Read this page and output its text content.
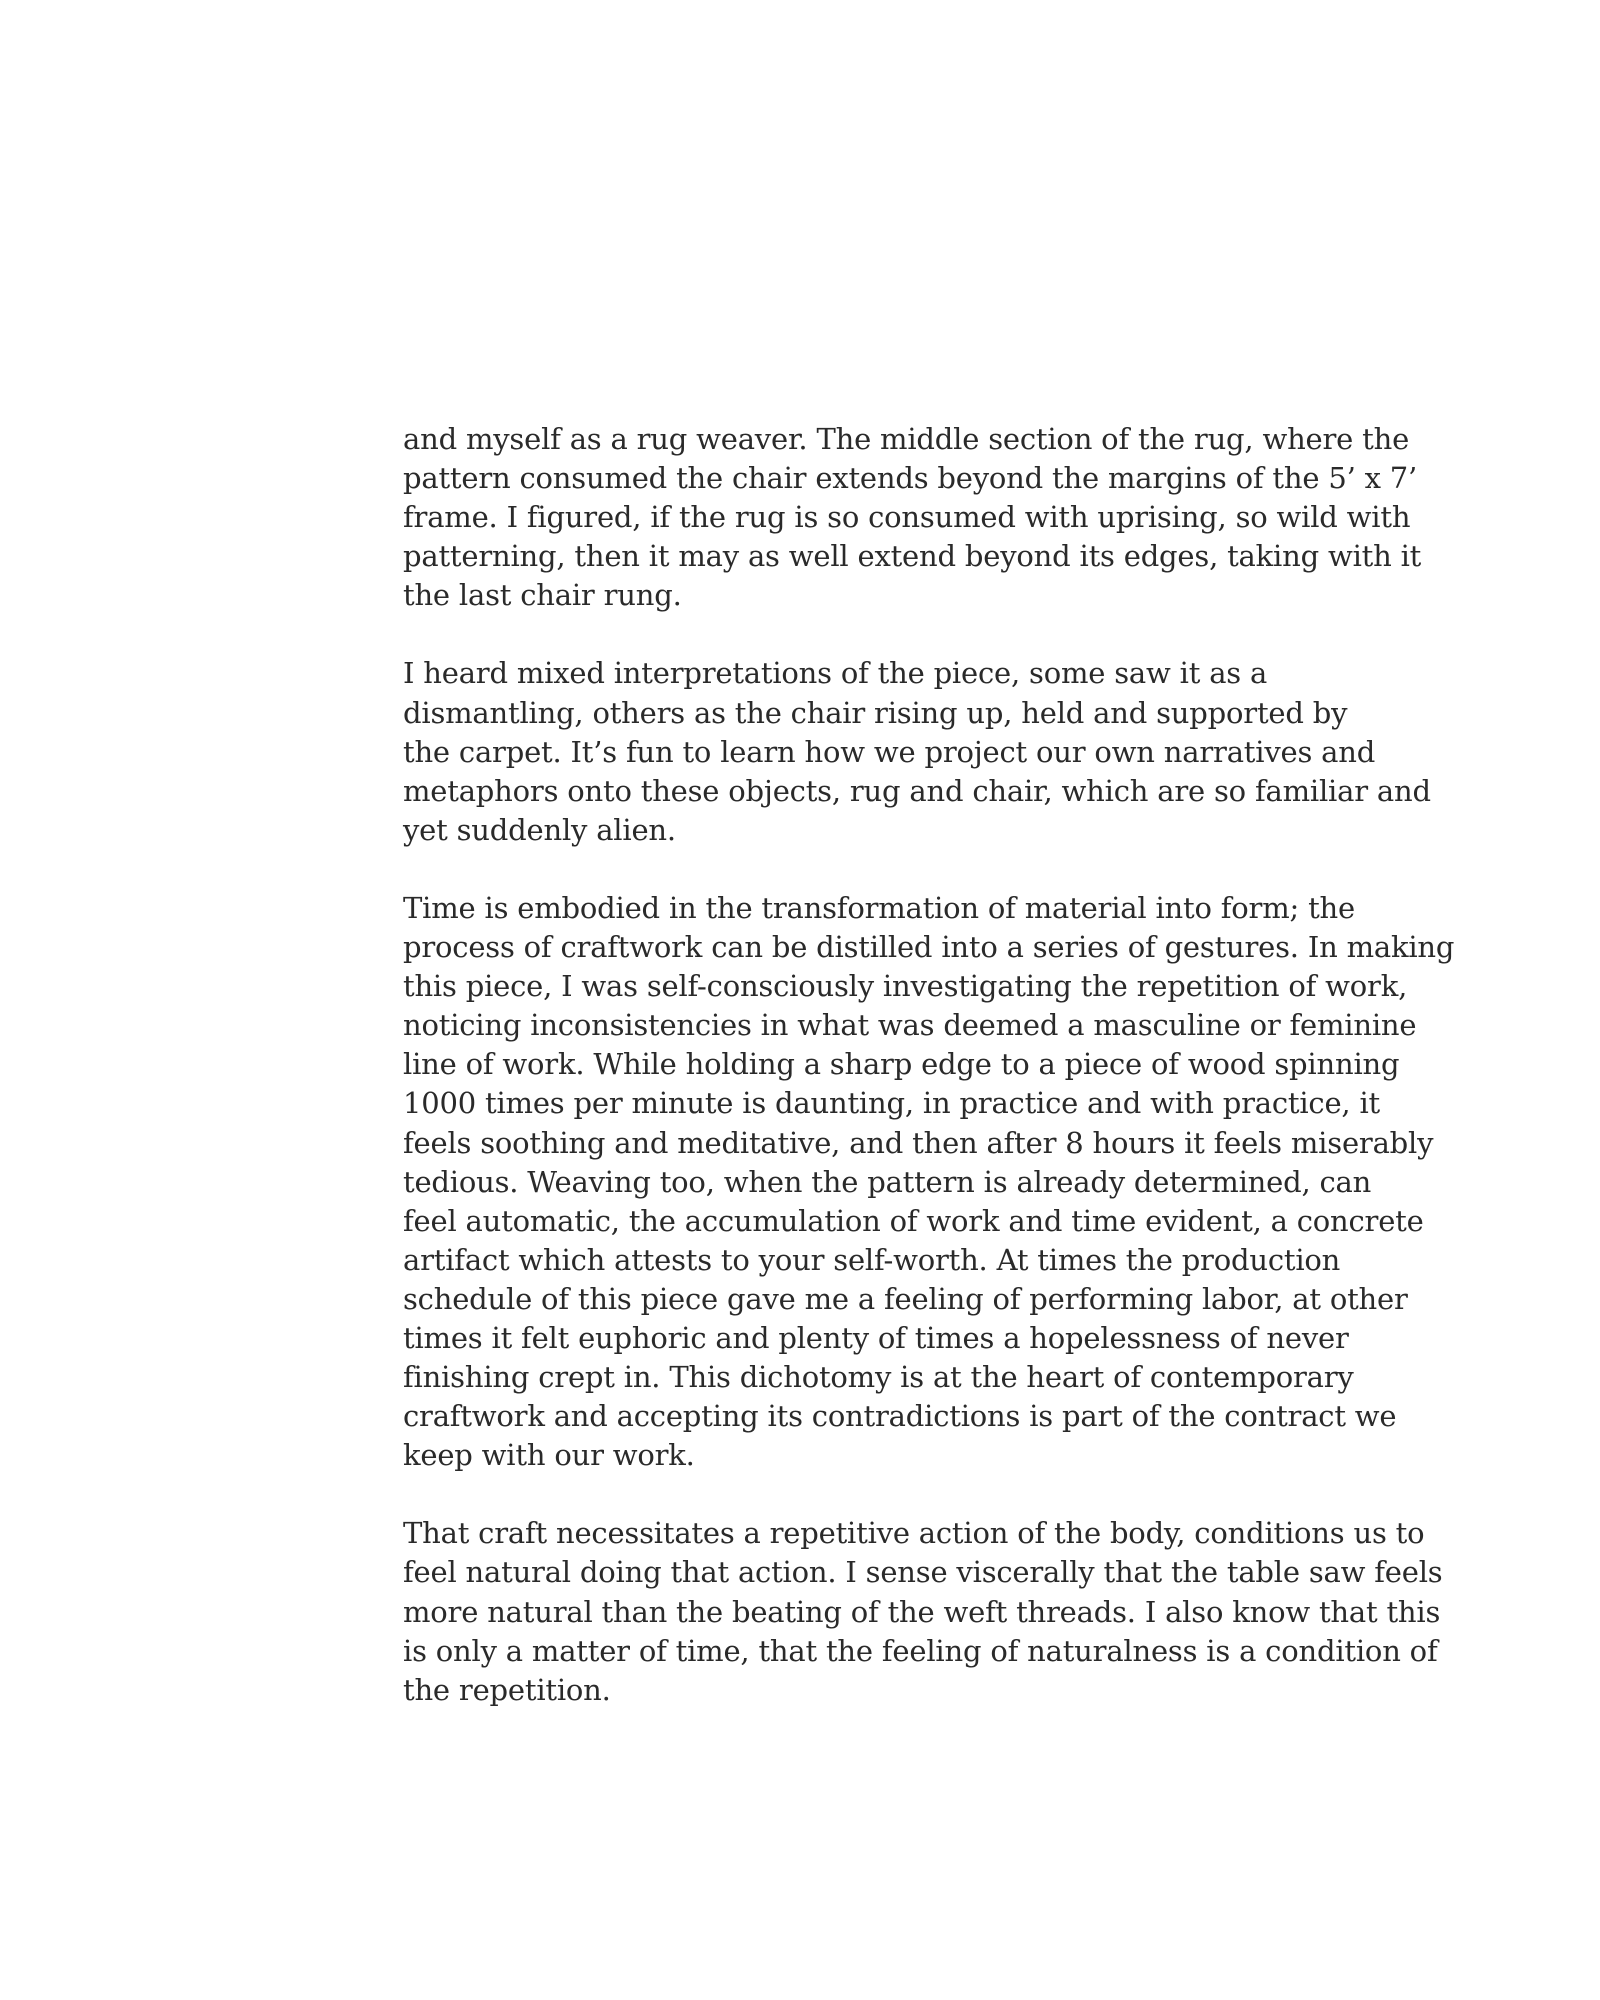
and myself as a rug weaver. The middle section of the rug, where the
pattern consumed the chair extends beyond the margins of the 5’ x 7’
frame. I figured, if the rug is so consumed with uprising, so wild with
patterning, then it may as well extend beyond its edges, taking with it
the last chair rung.

I heard mixed interpretations of the piece, some saw it as a
dismantling, others as the chair rising up, held and supported by
the carpet. It’s fun to learn how we project our own narratives and
metaphors onto these objects, rug and chair, which are so familiar and
yet suddenly alien.

Time is embodied in the transformation of material into form; the
process of craftwork can be distilled into a series of gestures. In making
this piece, I was self-consciously investigating the repetition of work,
noticing inconsistencies in what was deemed a masculine or feminine
line of work. While holding a sharp edge to a piece of wood spinning
1000 times per minute is daunting, in practice and with practice, it
feels soothing and meditative, and then after 8 hours it feels miserably
tedious. Weaving too, when the pattern is already determined, can
feel automatic, the accumulation of work and time evident, a concrete
artifact which attests to your self-worth. At times the production
schedule of this piece gave me a feeling of performing labor, at other
times it felt euphoric and plenty of times a hopelessness of never
finishing crept in. This dichotomy is at the heart of contemporary
craftwork and accepting its contradictions is part of the contract we
keep with our work.

That craft necessitates a repetitive action of the body, conditions us to
feel natural doing that action. I sense viscerally that the table saw feels
more natural than the beating of the weft threads. I also know that this
is only a matter of time, that the feeling of naturalness is a condition of
the repetition.
